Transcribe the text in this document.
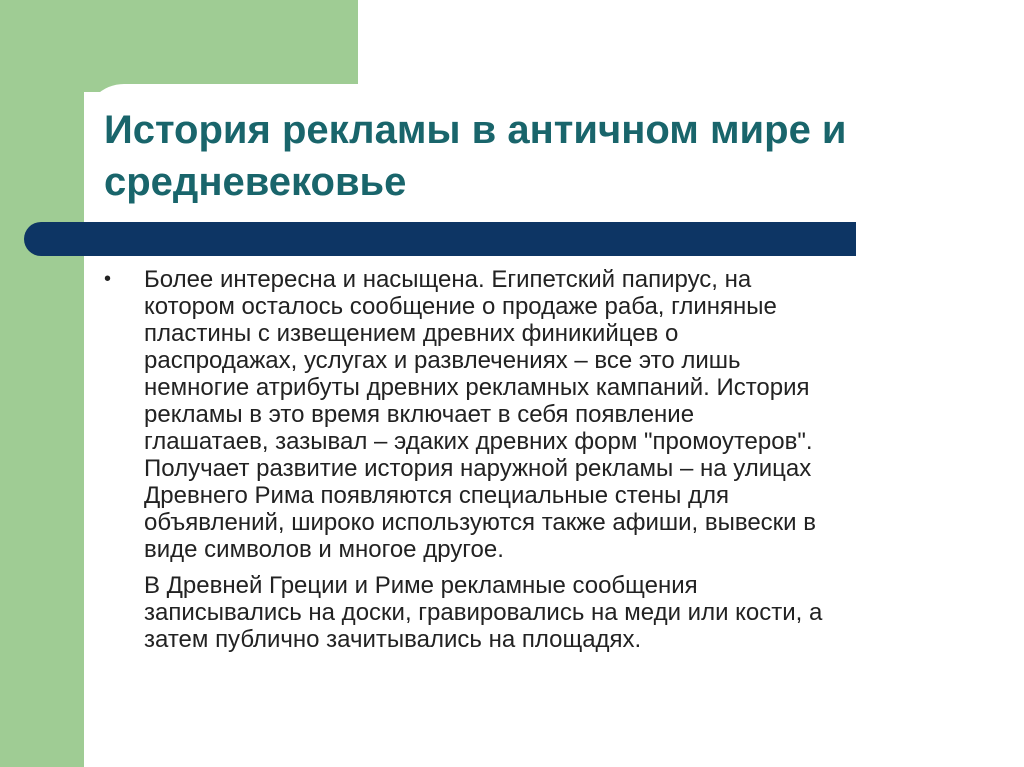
История рекламы в античном мире и
средневековье

• Более интересна и насыщена. Египетский папирус, на
котором осталось сообщение о продаже раба, глиняные
пластины с извещением древних финикийцев о
распродажах, услугах и развлечениях – все это лишь
немногие атрибуты древних рекламных кампаний. История
рекламы в это время включает в себя появление
глашатаев, зазывал – эдаких древних форм "промоутеров".
Получает развитие история наружной рекламы – на улицах
Древнего Рима появляются специальные стены для
объявлений, широко используются также афиши, вывески в
виде символов и многое другое.

В Древней Греции и Риме рекламные сообщения
записывались на доски, гравировались на меди или кости, а
затем публично зачитывались на площадях.
